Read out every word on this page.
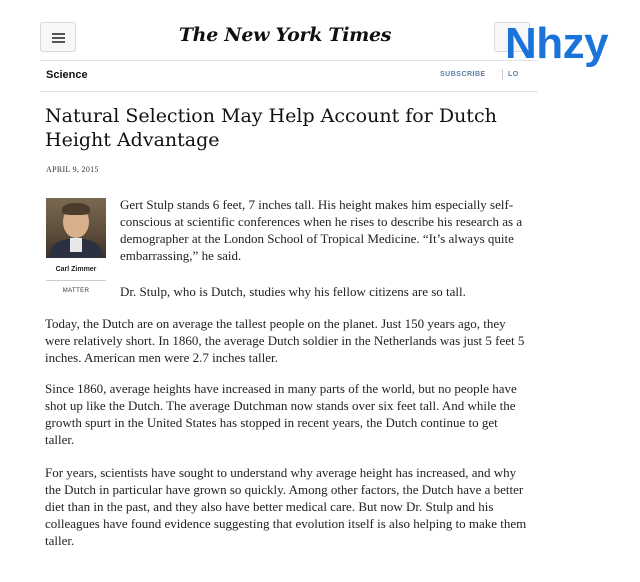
The New York Times	Nhzy
Science	SUBSCRIBE	LO
Natural Selection May Help Account for Dutch Height Advantage
APRIL 9, 2015
Carl Zimmer
MATTER

Gert Stulp stands 6 feet, 7 inches tall. His height makes him especially self-conscious at scientific conferences when he rises to describe his research as a demographer at the London School of Tropical Medicine. “It’s always quite embarrassing,” he said.

Dr. Stulp, who is Dutch, studies why his fellow citizens are so tall.

Today, the Dutch are on average the tallest people on the planet. Just 150 years ago, they were relatively short. In 1860, the average Dutch soldier in the Netherlands was just 5 feet 5 inches. American men were 2.7 inches taller.

Since 1860, average heights have increased in many parts of the world, but no people have shot up like the Dutch. The average Dutchman now stands over six feet tall. And while the growth spurt in the United States has stopped in recent years, the Dutch continue to get taller.

For years, scientists have sought to understand why average height has increased, and why the Dutch in particular have grown so quickly. Among other factors, the Dutch have a better diet than in the past, and they also have better medical care. But now Dr. Stulp and his colleagues have found evidence suggesting that evolution itself is also helping to make them taller.
